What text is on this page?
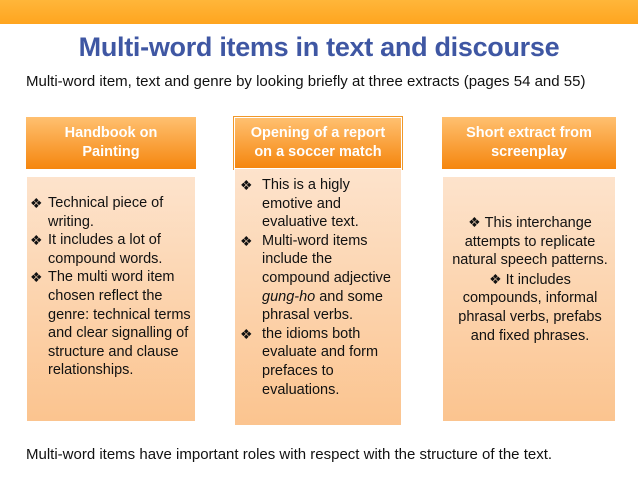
Multi-word items in text and discourse

Multi-word item, text and genre by looking briefly at three extracts (pages 54 and 55)

Handbook on Painting
❖ Technical piece of writing.
❖ It includes a lot of compound words.
❖ The multi word item chosen reflect the genre: technical terms and clear signalling of structure and clause relationships.
Opening of a report on a soccer match
❖ This is a higly emotive and evaluative text.
❖ Multi-word items include the compound adjective gung-ho and some phrasal verbs.
❖ the idioms both evaluate and form prefaces to evaluations.
Short extract from screenplay
❖ This interchange attempts to replicate natural speech patterns.
❖ It includes compounds, informal phrasal verbs, prefabs and fixed phrases.

Multi-word items have important roles with respect with the structure of the text.
